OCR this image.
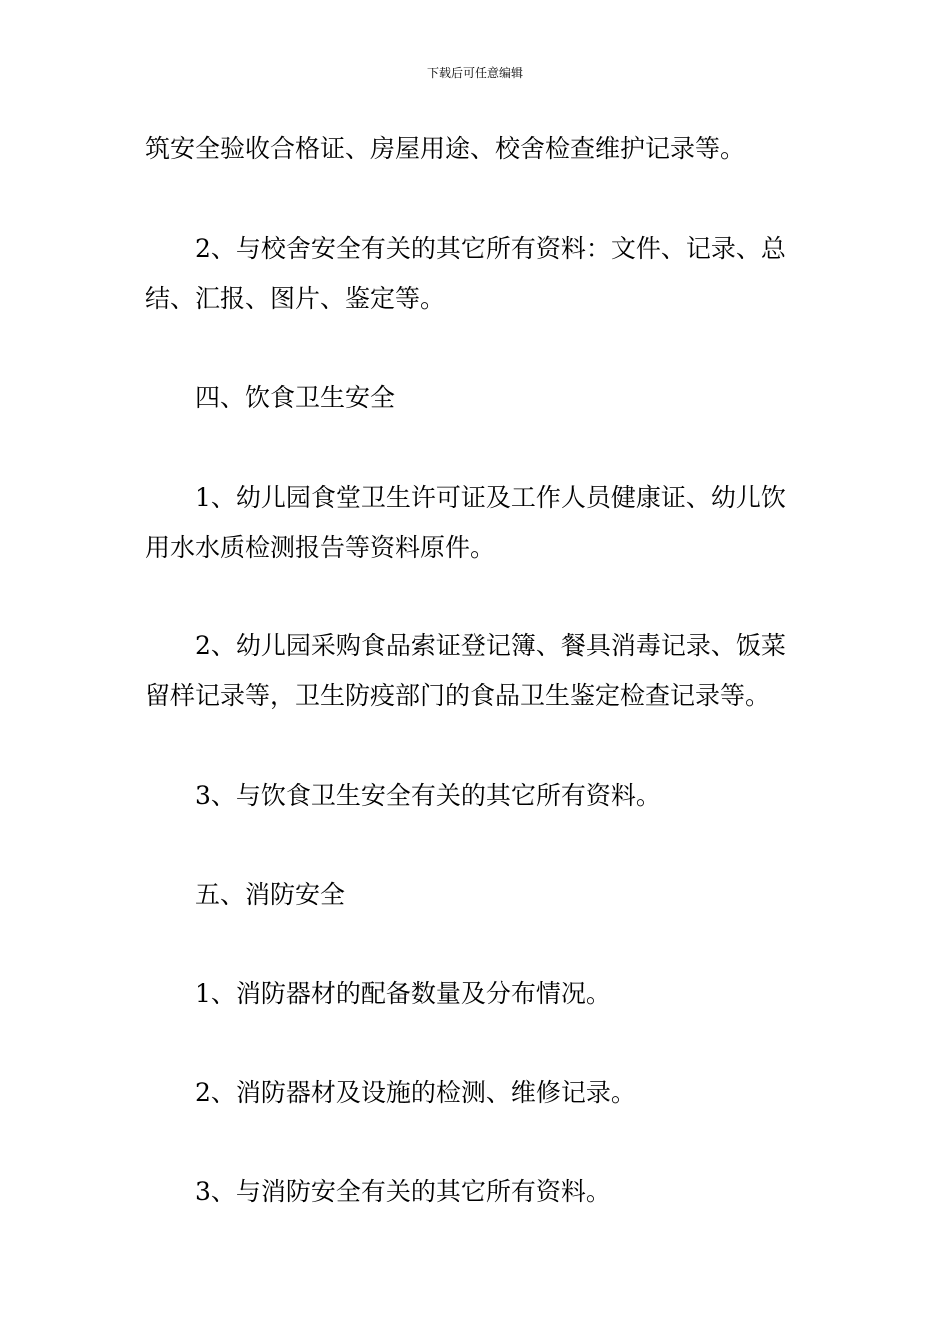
下载后可任意编辑

筑安全验收合格证、房屋用途、校舍检查维护记录等。

2、与校舍安全有关的其它所有资料：文件、记录、总结、汇报、图片、鉴定等。

四、饮食卫生安全

1、幼儿园食堂卫生许可证及工作人员健康证、幼儿饮用水水质检测报告等资料原件。

2、幼儿园采购食品索证登记簿、餐具消毒记录、饭菜留样记录等，卫生防疫部门的食品卫生鉴定检查记录等。

3、与饮食卫生安全有关的其它所有资料。

五、消防安全

1、消防器材的配备数量及分布情况。

2、消防器材及设施的检测、维修记录。

3、与消防安全有关的其它所有资料。
